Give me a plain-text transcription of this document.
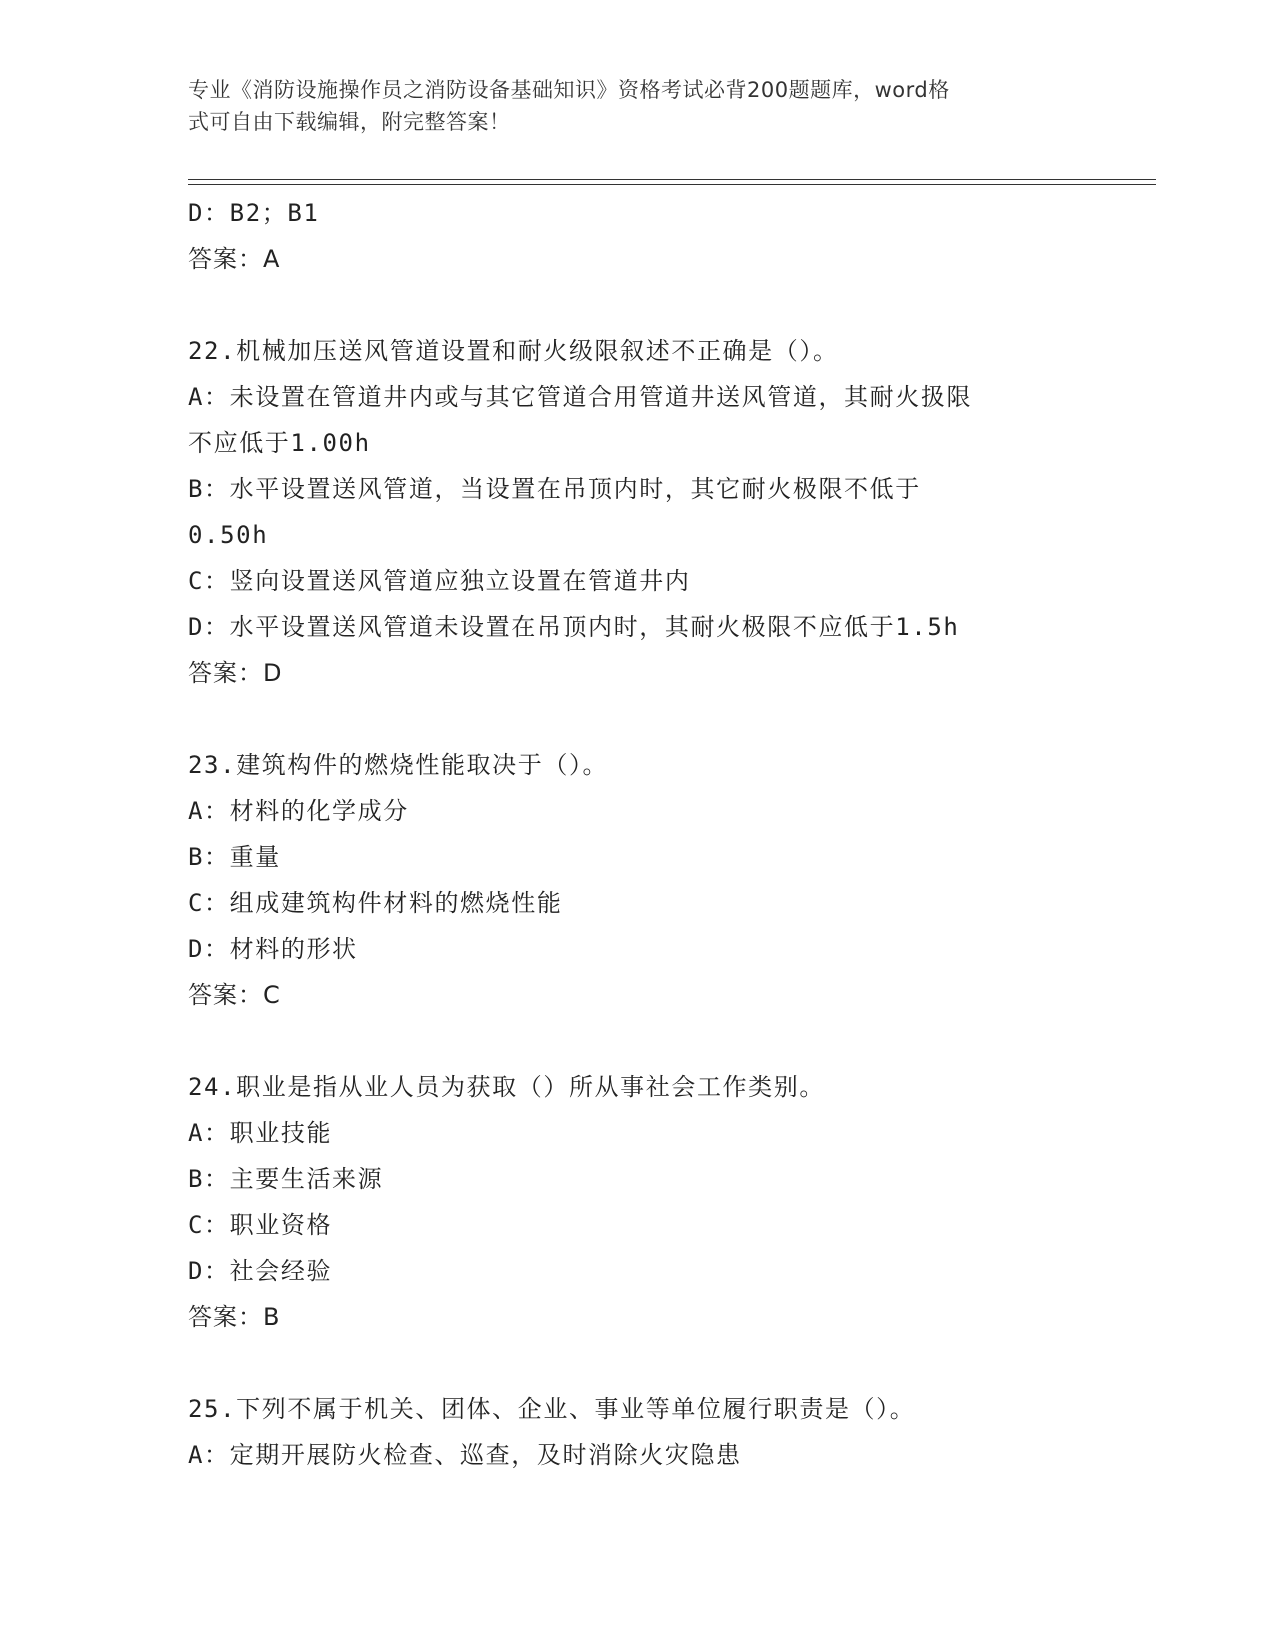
专业《消防设施操作员之消防设备基础知识》资格考试必背200题题库，word格
式可自由下载编辑，附完整答案！
D：B2；B1
答案：A
22.机械加压送风管道设置和耐火级限叙述不正确是（）。
A：未设置在管道井内或与其它管道合用管道井送风管道，其耐火扱限
不应低于1.00h
B：水平设置送风管道，当设置在吊顶内时，其它耐火极限不低于
0.50h
C：竖向设置送风管道应独立设置在管道井内
D：水平设置送风管道未设置在吊顶内时，其耐火极限不应低于1.5h
答案：D
23.建筑构件的燃烧性能取决于（）。
A：材料的化学成分
B：重量
C：组成建筑构件材料的燃烧性能
D：材料的形状
答案：C
24.职业是指从业人员为获取（）所从事社会工作类别。
A：职业技能
B：主要生活来源
C：职业资格
D：社会经验
答案：B
25.下列不属于机关、团体、企业、事业等单位履行职责是（）。
A：定期开展防火检查、巡查，及时消除火灾隐患
